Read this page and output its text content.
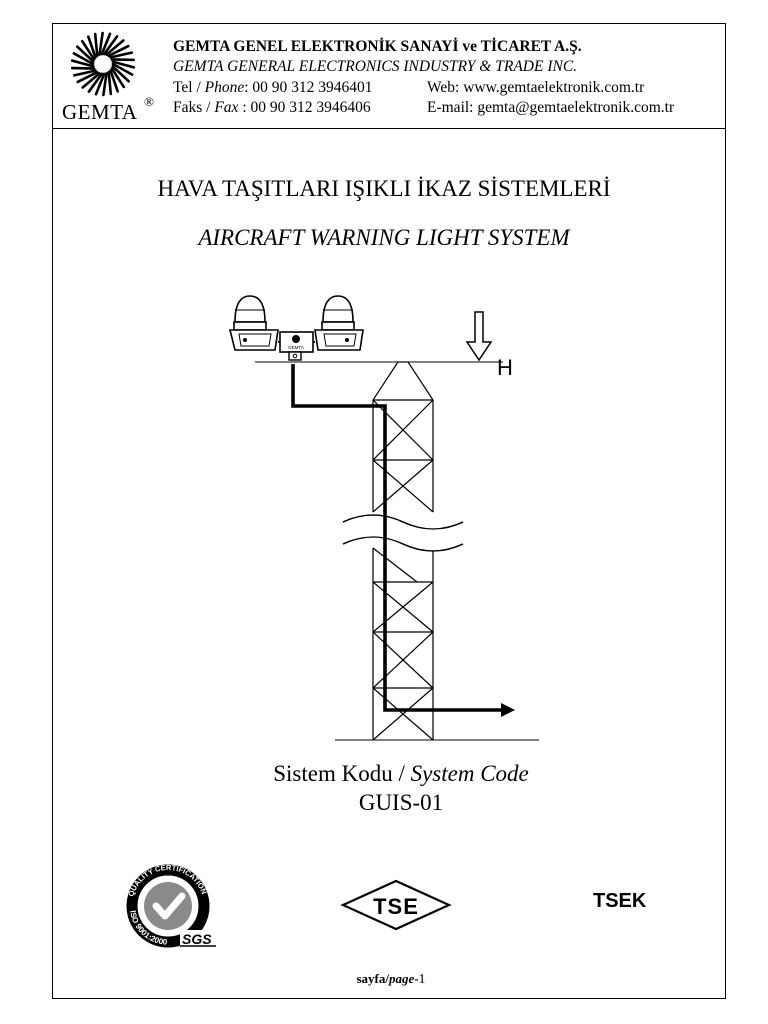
GEMTA ®
GEMTA GENEL ELEKTRONİK SANAYİ ve TİCARET A.Ş.
GEMTA GENERAL ELECTRONICS INDUSTRY & TRADE INC.
Tel / Phone: 00 90 312 3946401	Web: www.gemtaelektronik.com.tr
Faks / Fax : 00 90 312 3946406	E-mail: gemta@gemtaelektronik.com.tr
HAVA TAŞITLARI IŞIKLI İKAZ SİSTEMLERİ
AIRCRAFT WARNING LIGHT SYSTEM
GEMTA
H
Sistem Kodu / System Code
GUIS-01
QUALITY CERTIFICATION
ISO 9001:2000 SGS
TSE	TSEK
sayfa/page-1
